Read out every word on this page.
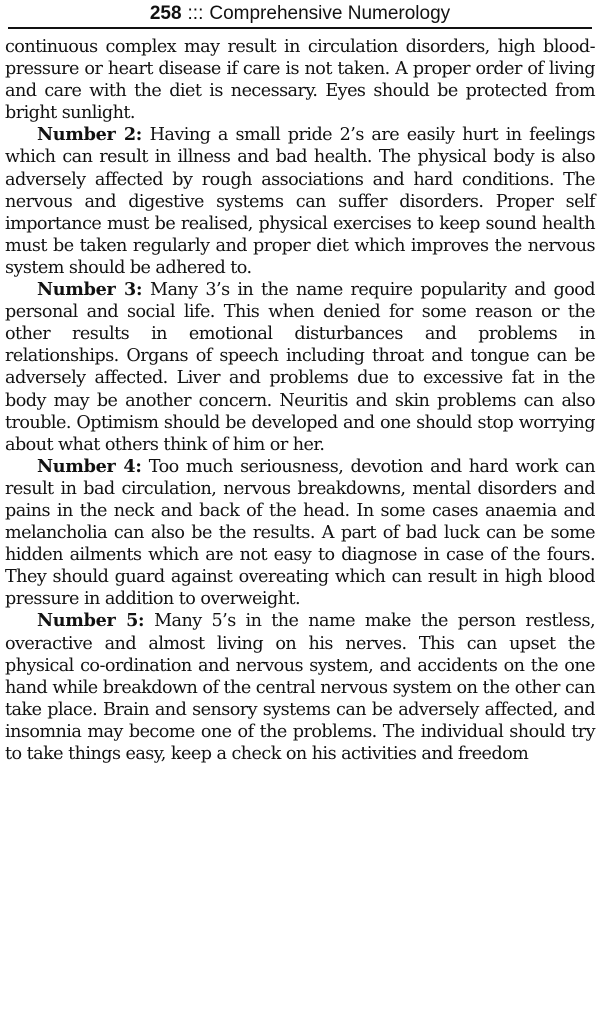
258 ::: Comprehensive Numerology

continuous complex may result in circulation disorders, high blood-pressure or heart disease if care is not taken. A proper order of living and care with the diet is necessary. Eyes should be protected from bright sunlight.

Number 2: Having a small pride 2’s are easily hurt in feelings which can result in illness and bad health. The physical body is also adversely affected by rough associations and hard conditions. The nervous and digestive systems can suffer disorders. Proper self importance must be realised, physical exercises to keep sound health must be taken regularly and proper diet which improves the nervous system should be adhered to.

Number 3: Many 3’s in the name require popularity and good personal and social life. This when denied for some reason or the other results in emotional disturbances and problems in relationships. Organs of speech including throat and tongue can be adversely affected. Liver and problems due to excessive fat in the body may be another concern. Neuritis and skin problems can also trouble. Optimism should be developed and one should stop worrying about what others think of him or her.

Number 4: Too much seriousness, devotion and hard work can result in bad circulation, nervous breakdowns, mental disorders and pains in the neck and back of the head. In some cases anaemia and melancholia can also be the results. A part of bad luck can be some hidden ailments which are not easy to diagnose in case of the fours. They should guard against overeating which can result in high blood pressure in addition to overweight.

Number 5: Many 5’s in the name make the person restless, overactive and almost living on his nerves. This can upset the physical co-ordination and nervous system, and accidents on the one hand while breakdown of the central nervous system on the other can take place. Brain and sensory systems can be adversely affected, and insomnia may become one of the problems. The individual should try to take things easy, keep a check on his activities and freedom
